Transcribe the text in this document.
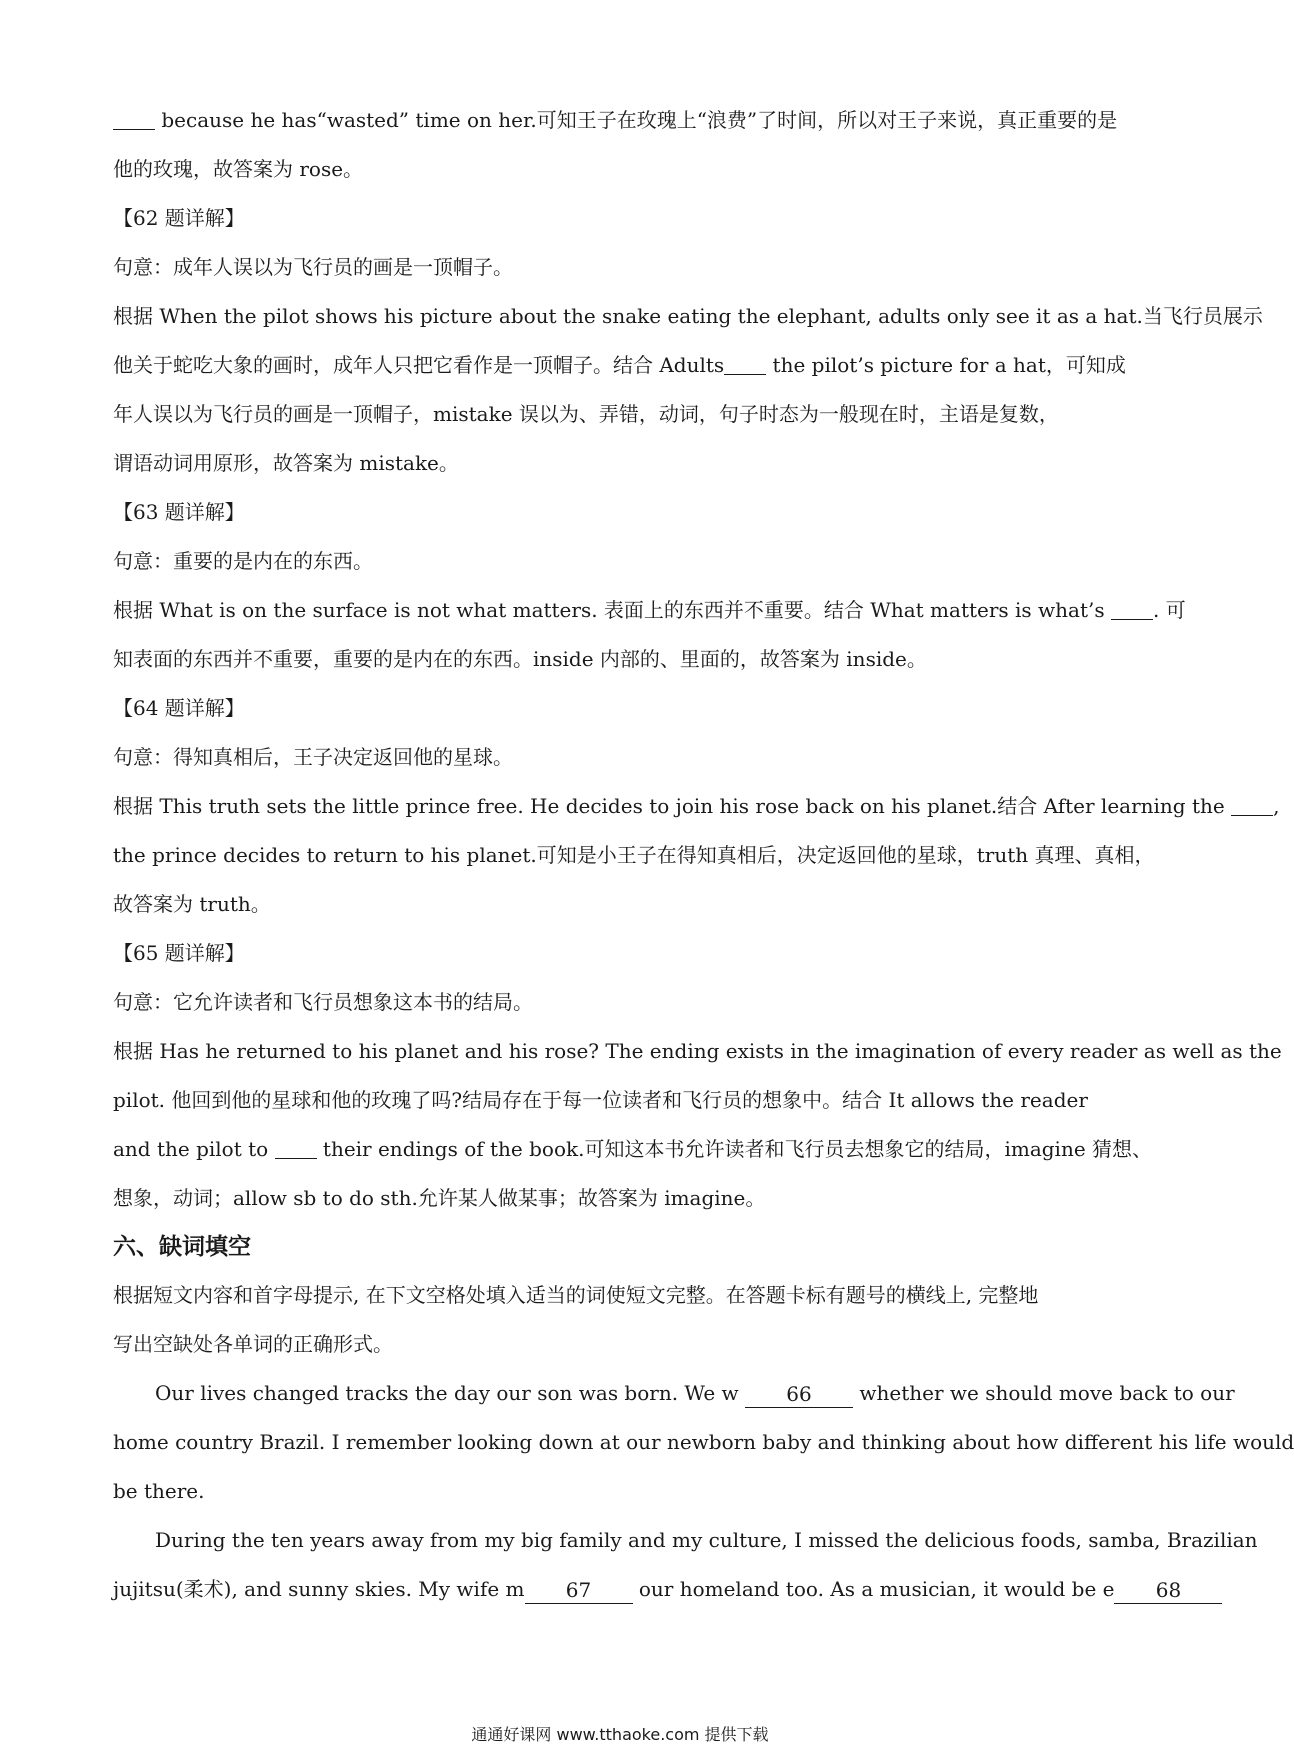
because he has“wasted” time on her.可知王子在玫瑰上“浪费”了时间，所以对王子来说，真正重要的是
他的玫瑰，故答案为 rose。
【62 题详解】
句意：成年人误以为飞行员的画是一顶帽子。
根据 When the pilot shows his picture about the snake eating the elephant, adults only see it as a hat.当飞行员展示
他关于蛇吃大象的画时，成年人只把它看作是一顶帽子。结合 Adults the pilot’s picture for a hat，可知成
年人误以为飞行员的画是一顶帽子，mistake 误以为、弄错，动词，句子时态为一般现在时，主语是复数，
谓语动词用原形，故答案为 mistake。
【63 题详解】
句意：重要的是内在的东西。
根据 What is on the surface is not what matters. 表面上的东西并不重要。结合 What matters is what’s . 可
知表面的东西并不重要，重要的是内在的东西。inside 内部的、里面的，故答案为 inside。
【64 题详解】
句意：得知真相后，王子决定返回他的星球。
根据 This truth sets the little prince free. He decides to join his rose back on his planet.结合 After learning the ,
the prince decides to return to his planet.可知是小王子在得知真相后，决定返回他的星球，truth 真理、真相，
故答案为 truth。
【65 题详解】
句意：它允许读者和飞行员想象这本书的结局。
根据 Has he returned to his planet and his rose? The ending exists in the imagination of every reader as well as the
pilot. 他回到他的星球和他的玫瑰了吗?结局存在于每一位读者和飞行员的想象中。结合 It allows the reader
and the pilot to  their endings of the book.可知这本书允许读者和飞行员去想象它的结局，imagine 猜想、
想象，动词；allow sb to do sth.允许某人做某事；故答案为 imagine。
六、缺词填空
根据短文内容和首字母提示, 在下文空格处填入适当的词使短文完整。在答题卡标有题号的横线上, 完整地
写出空缺处各单词的正确形式。
Our lives changed tracks the day our son was born. We w 66 whether we should move back to our
home country Brazil. I remember looking down at our newborn baby and thinking about how different his life would
be there.
During the ten years away from my big family and my culture, I missed the delicious foods, samba, Brazilian
jujitsu(柔术), and sunny skies. My wife m 67 our homeland too. As a musician, it would be e 68
通通好课网 www.tthaoke.com 提供下载
